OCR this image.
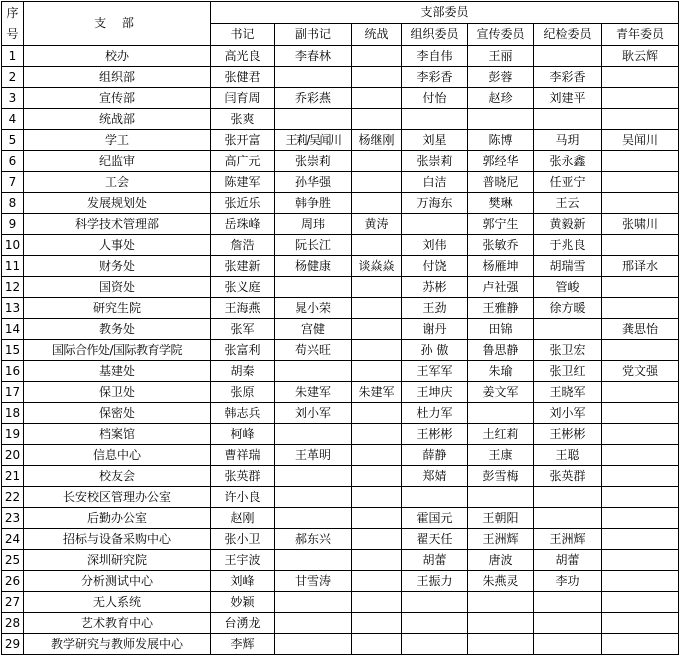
序
号	支 部	支部委员						
		书记	副书记	统战	组织委员	宣传委员	纪检委员	青年委员
1	校办	高光良	李春林		李自伟	王丽		耿云辉
2	组织部	张健君			李彩香	彭蓉	李彩香	
3	宣传部	闫育周	乔彩燕		付怡	赵珍	刘建平	
4	统战部	张爽						
5	学工	张开富	王莉/吴闻川	杨继刚	刘星	陈博	马玥	吴闻川
6	纪监审	高广元	张崇莉		张崇莉	郭经华	张永鑫	
7	工会	陈建军	孙华强		白洁	普晓尼	任亚宁	
8	发展规划处	张近乐	韩争胜		万海东	樊琳	王云	
9	科学技术管理部	岳珠峰	周玮	黄涛		郭宁生	黄毅新	张啸川
10	人事处	詹浩	阮长江		刘伟	张敏乔	于兆良	
11	财务处	张建新	杨健康	谈焱焱	付饶	杨雁坤	胡瑞雪	邢译水
12	国资处	张义庭			苏彬	卢社强	管峻	
13	研究生院	王海燕	晁小荣		王劲	王雅静	徐方暖	
14	教务处	张军	宫健		谢丹	田锦		龚思怡
15	国际合作处/国际教育学院	张富利	苟兴旺		孙 傲	鲁思静	张卫宏	
16	基建处	胡秦			王军军	朱瑜	张卫红	党文强
17	保卫处	张原	朱建军	朱建军	王坤庆	姜文军	王晓军	
18	保密处	韩志兵	刘小军		杜力军		刘小军	
19	档案馆	柯峰			王彬彬	土红莉	王彬彬	
20	信息中心	曹祥瑞	王革明		薛静	王康	王聪	
21	校友会	张英群			郑婧	彭雪梅	张英群	
22	长安校区管理办公室	许小良						
23	后勤办公室	赵刚			霍国元	王朝阳		
24	招标与设备采购中心	张小卫	郝东兴		翟天任	王洲辉	王洲辉	
25	深圳研究院	王宇波			胡蕾	唐波	胡蕾	
26	分析测试中心	刘峰	甘雪涛		王振力	朱燕灵	李功	
27	无人系统	妙颖						
28	艺术教育中心	台湧龙						
29	教学研究与教师发展中心	李辉						
